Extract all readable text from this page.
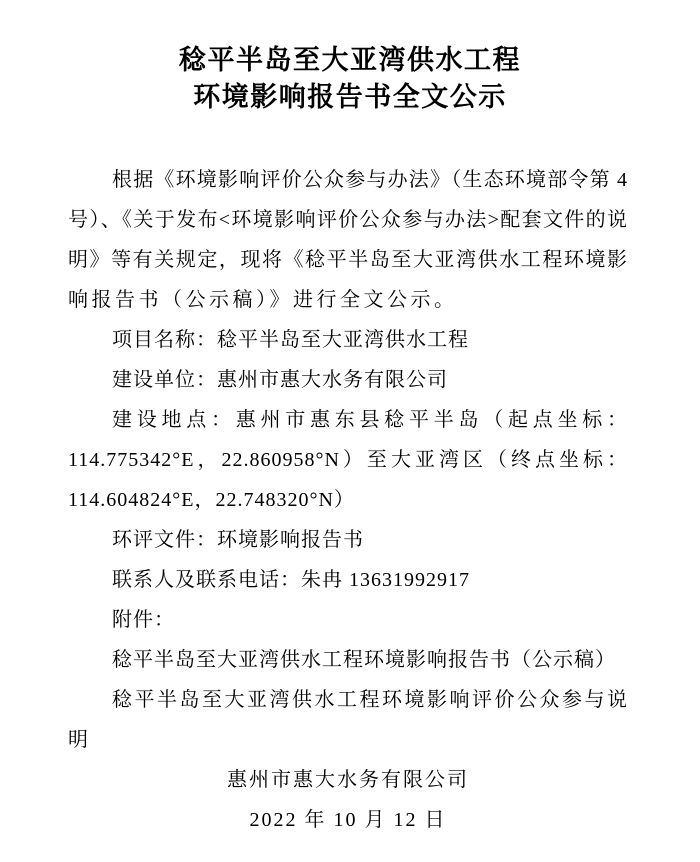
稔平半岛至大亚湾供水工程
环境影响报告书全文公示
根据《环境影响评价公众参与办法》（生态环境部令第 4
号）、《关于发布<环境影响评价公众参与办法>配套文件的说
明》等有关规定，现将《稔平半岛至大亚湾供水工程环境影
响报告书（公示稿）》进行全文公示。
项目名称：稔平半岛至大亚湾供水工程
建设单位：惠州市惠大水务有限公司
建设地点：惠州市惠东县稔平半岛（起点坐标：
114.775342°E，22.860958°N）至大亚湾区（终点坐标：
114.604824°E，22.748320°N）
环评文件：环境影响报告书
联系人及联系电话：朱冉 13631992917
附件：
稔平半岛至大亚湾供水工程环境影响报告书（公示稿）
稔平半岛至大亚湾供水工程环境影响评价公众参与说
明
惠州市惠大水务有限公司
2022 年 10 月 12 日
